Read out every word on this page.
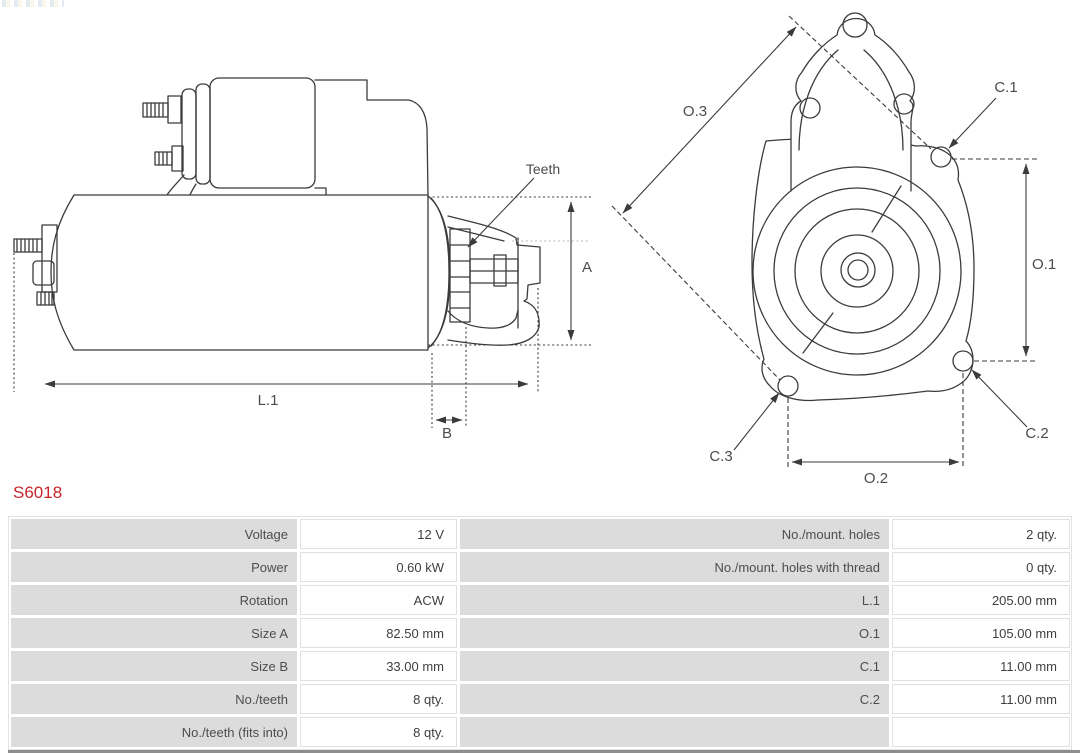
A
L.1
B
Teeth
O.3
O.1
O.2
C.1
C.2
C.3
S6018
Voltage	12 V	No./mount. holes	2 qty.
Power	0.60 kW	No./mount. holes with thread	0 qty.
Rotation	ACW	L.1	205.00 mm
Size A	82.50 mm	O.1	105.00 mm
Size B	33.00 mm	C.1	11.00 mm
No./teeth	8 qty.	C.2	11.00 mm
No./teeth (fits into)	8 qty.
